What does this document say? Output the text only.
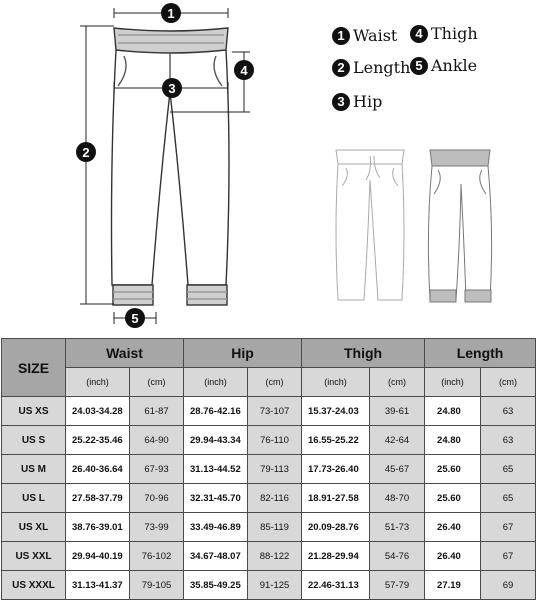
1
2
3
4
5
1 Waist	4 Thigh
2 Length 5 Ankle
3 Hip
SIZE	Waist		Hip		Thigh		Length	
	(inch)	(cm)	(inch)	(cm)	(inch)	(cm)	(inch)	(cm)
US XS	24.03-34.28	61-87	28.76-42.16	73-107	15.37-24.03	39-61	24.80	63
US S	25.22-35.46	64-90	29.94-43.34	76-110	16.55-25.22	42-64	24.80	63
US M	26.40-36.64	67-93	31.13-44.52	79-113	17.73-26.40	45-67	25.60	65
US L	27.58-37.79	70-96	32.31-45.70	82-116	18.91-27.58	48-70	25.60	65
US XL	38.76-39.01	73-99	33.49-46.89	85-119	20.09-28.76	51-73	26.40	67
US XXL	29.94-40.19	76-102	34.67-48.07	88-122	21.28-29.94	54-76	26.40	67
US XXXL	31.13-41.37	79-105	35.85-49.25	91-125	22.46-31.13	57-79	27.19	69
